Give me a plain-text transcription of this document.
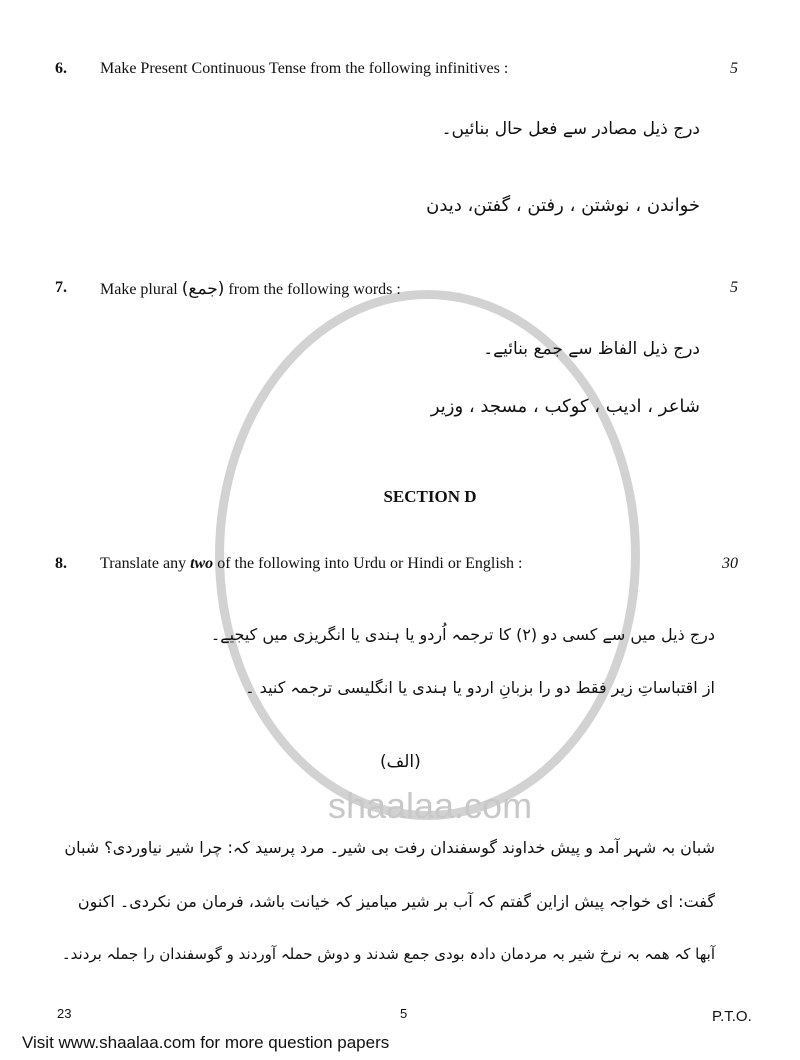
shaalaa.com
6. Make Present Continuous Tense from the following infinitives :	5
درج ذیل مصادر سے فعل حال بنائیں۔
خواندن ، نوشتن ، رفتن ، گفتن، دیدن
7. Make plural (جمع) from the following words :	5
درج ذیل الفاظ سے جمع بنائیے۔
شاعر ، ادیب ، کوکب ، مسجد ، وزیر
SECTION D
8. Translate any two of the following into Urdu or Hindi or English :	30
درج ذیل میں سے کسی دو (۲) کا ترجمہ اُردو یا ہندی یا انگریزی میں کیجیے۔
از اقتباساتِ زیر فقط دو را بزبانِ اردو یا ہندی یا انگلیسی ترجمہ کنید ۔
(الف)
شبان بہ شہر آمد و پیش خداوند گوسفندان رفت بی شیر۔ مرد پرسید کہ: چرا شیر نیاوردی؟ شبان
گفت: ای خواجہ پیش ازاین گفتم کہ آب بر شیر میامیز کہ خیانت باشد، فرمان من نکردی۔ اکنون
آبھا کہ ھمہ بہ نرخ شیر بہ مردمان دادہ بودی جمع شدند و دوش حملہ آوردند و گوسفندان را جملہ بردند۔
23	5	P.T.O.
Visit www.shaalaa.com for more question papers
